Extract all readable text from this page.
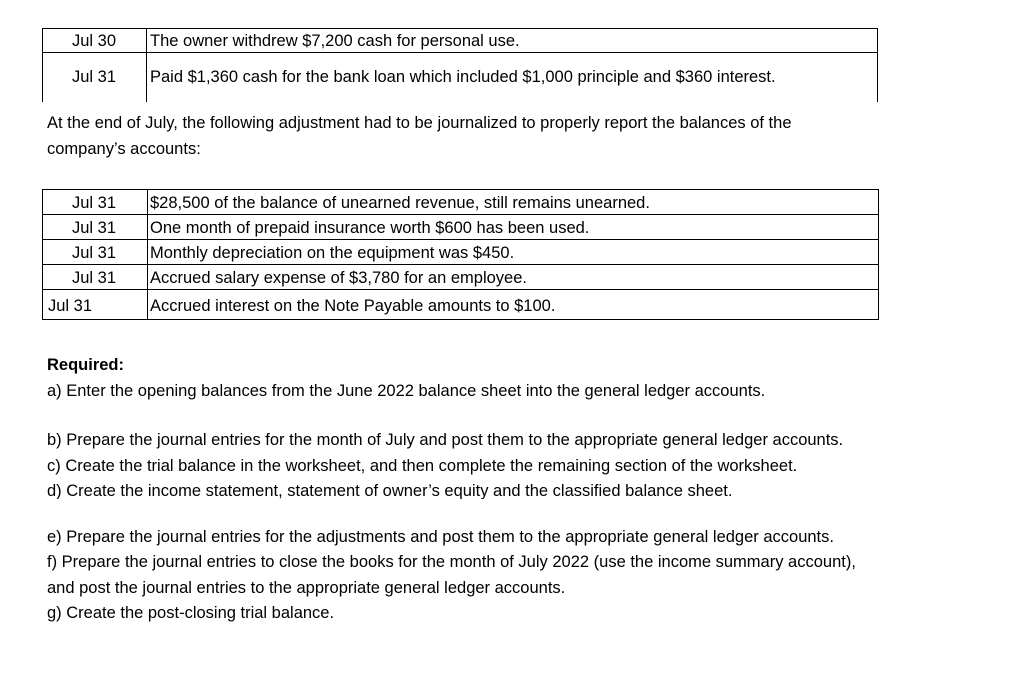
Jul 30 The owner withdrew $7,200 cash for personal use.
Jul 31 Paid $1,360 cash for the bank loan which included $1,000 principle and $360 interest.
At the end of July, the following adjustment had to be journalized to properly report the balances of the
company’s accounts:
Jul 31 $28,500 of the balance of unearned revenue, still remains unearned.
Jul 31 One month of prepaid insurance worth $600 has been used.
Jul 31 Monthly depreciation on the equipment was $450.
Jul 31 Accrued salary expense of $3,780 for an employee.
Jul 31	Accrued interest on the Note Payable amounts to $100.
Required:
a) Enter the opening balances from the June 2022 balance sheet into the general ledger accounts.
b) Prepare the journal entries for the month of July and post them to the appropriate general ledger accounts.
c) Create the trial balance in the worksheet, and then complete the remaining section of the worksheet.
d) Create the income statement, statement of owner’s equity and the classified balance sheet.
e) Prepare the journal entries for the adjustments and post them to the appropriate general ledger accounts.
f) Prepare the journal entries to close the books for the month of July 2022 (use the income summary account),
and post the journal entries to the appropriate general ledger accounts.
g) Create the post-closing trial balance.
